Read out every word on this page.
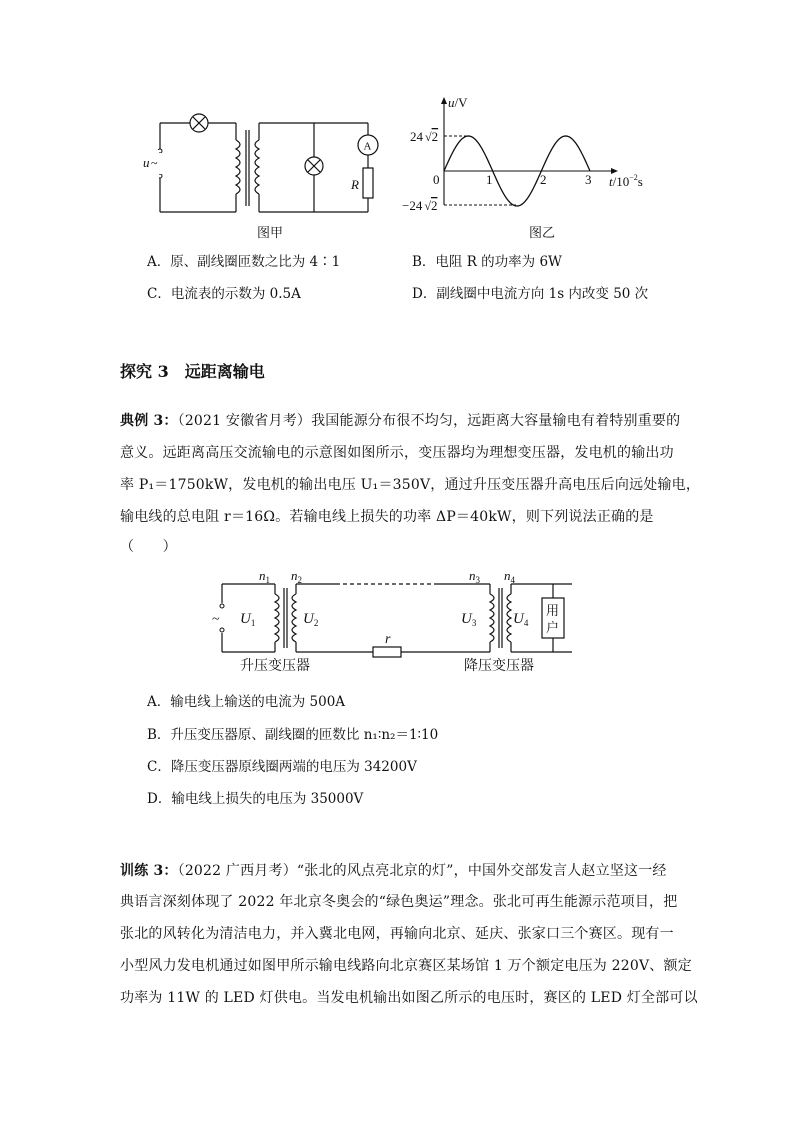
u ~
A
R
图甲
u/V
24 √2
−24 √2
0	1	2	3 $t/10^{-2}s$
图乙
A．原、副线圈匝数之比为 4∶1	B．电阻 R 的功率为 6W
C．电流表的示数为 0.5A	D．副线圈中电流方向 1s 内改变 50 次
探究 3　远距离输电
典例 3：（2021 安徽省月考）我国能源分布很不均匀，远距离大容量输电有着特别重要的
意义。远距离高压交流输电的示意图如图所示，变压器均为理想变压器，发电机的输出功
率 P₁＝1750kW，发电机的输出电压 U₁＝350V，通过升压变压器升高电压后向远处输电，
输电线的总电阻 r＝16Ω。若输电线上损失的功率 ΔP＝40kW，则下列说法正确的是
（　　）
~
$n_1$ $n_2$	$n_3$ $n_4$
$U_1$	$U_2$	$U_3$ $U_4$
r
用
户
升压变压器	降压变压器
A．输电线上输送的电流为 500A
B．升压变压器原、副线圈的匝数比 n₁∶n₂＝1∶10
C．降压变压器原线圈两端的电压为 34200V
D．输电线上损失的电压为 35000V
训练 3：（2022 广西月考）“张北的风点亮北京的灯”，中国外交部发言人赵立坚这一经
典语言深刻体现了 2022 年北京冬奥会的“绿色奥运”理念。张北可再生能源示范项目，把
张北的风转化为清洁电力，并入冀北电网，再输向北京、延庆、张家口三个赛区。现有一
小型风力发电机通过如图甲所示输电线路向北京赛区某场馆 1 万个额定电压为 220V、额定
功率为 11W 的 LED 灯供电。当发电机输出如图乙所示的电压时，赛区的 LED 灯全部可以
